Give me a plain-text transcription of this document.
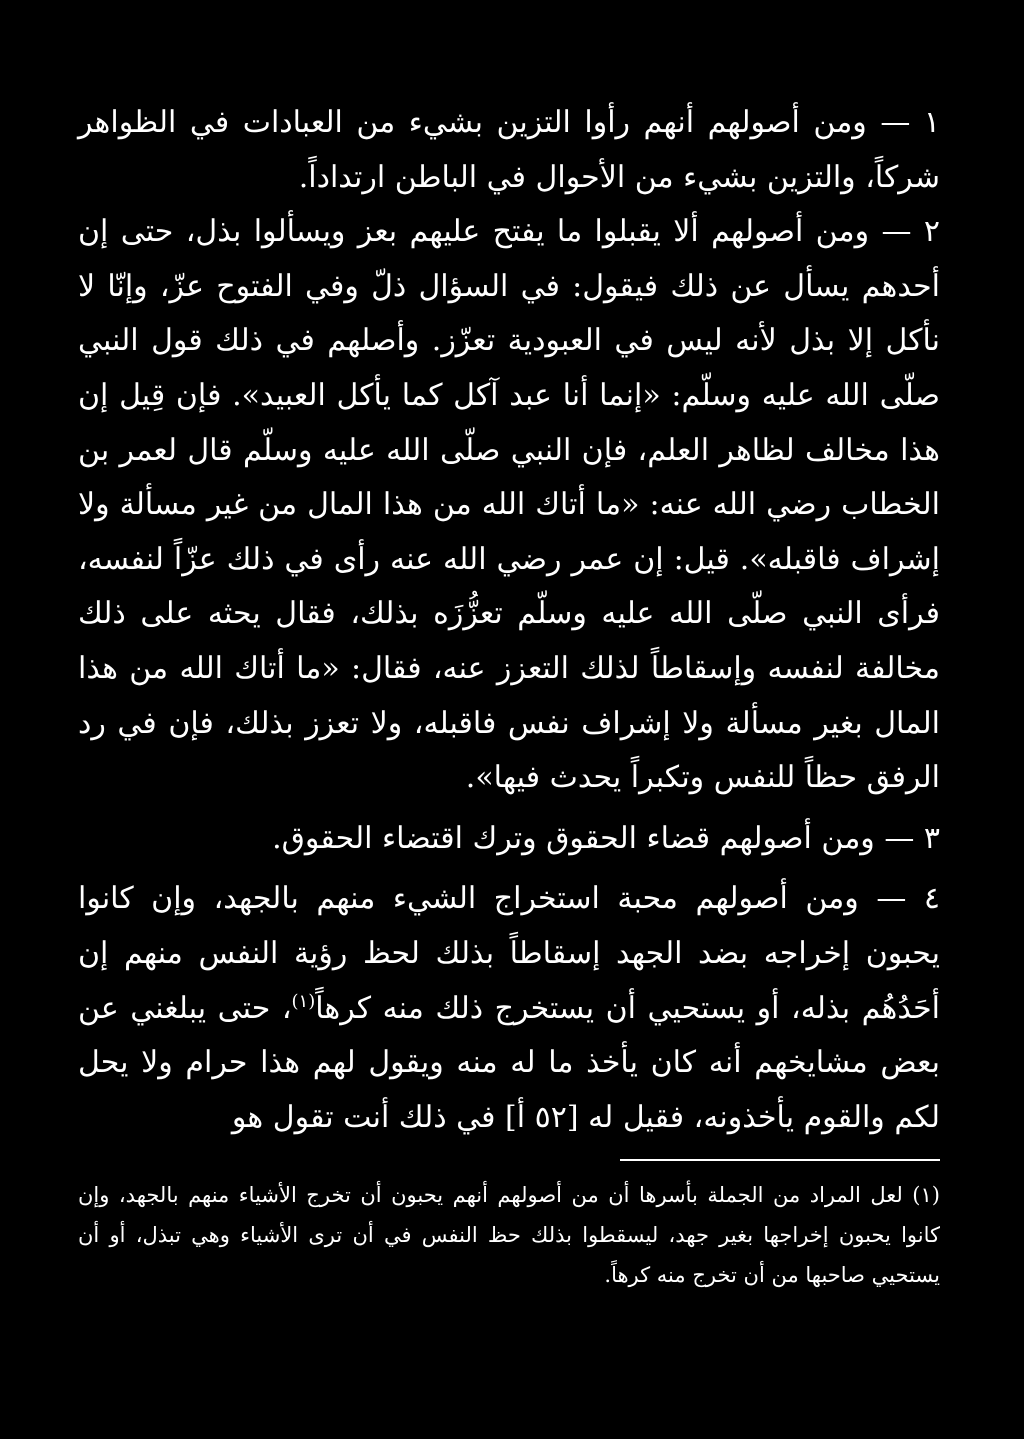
١ — ومن أصولهم أنهم رأوا التزين بشيء من العبادات في الظواهر شركاً، والتزين بشيء من الأحوال في الباطن ارتداداً.

٢ — ومن أصولهم ألا يقبلوا ما يفتح عليهم بعز ويسألوا بذل، حتى إن أحدهم يسأل عن ذلك فيقول: في السؤال ذلّ وفي الفتوح عزّ، وإنّا لا نأكل إلا بذل لأنه ليس في العبودية تعزّز. وأصلهم في ذلك قول النبي صلّى الله عليه وسلّم: «إنما أنا عبد آكل كما يأكل العبيد». فإن قِيل إن هذا مخالف لظاهر العلم، فإن النبي صلّى الله عليه وسلّم قال لعمر بن الخطاب رضي الله عنه: «ما أتاك الله من هذا المال من غير مسألة ولا إشراف فاقبله». قيل: إن عمر رضي الله عنه رأى في ذلك عزّاً لنفسه، فرأى النبي صلّى الله عليه وسلّم تعزُّزَه بذلك، فقال يحثه على ذلك مخالفة لنفسه وإسقاطاً لذلك التعزز عنه، فقال: «ما أتاك الله من هذا المال بغير مسألة ولا إشراف نفس فاقبله، ولا تعزز بذلك، فإن في رد الرفق حظاً للنفس وتكبراً يحدث فيها».

٣ — ومن أصولهم قضاء الحقوق وترك اقتضاء الحقوق.

٤ — ومن أصولهم محبة استخراج الشيء منهم بالجهد، وإن كانوا يحبون إخراجه بضد الجهد إسقاطاً بذلك لحظ رؤية النفس منهم إن أحَدُهُم بذله، أو يستحيي أن يستخرج ذلك منه كرهاً$^{(١)}$، حتى يبلغني عن بعض مشايخهم أنه كان يأخذ ما له منه ويقول لهم هذا حرام ولا يحل لكم والقوم يأخذونه، فقيل له [٥٢ أ] في ذلك أنت تقول هو

(١) لعل المراد من الجملة بأسرها أن من أصولهم أنهم يحبون أن تخرج الأشياء منهم بالجهد، وإن كانوا يحبون إخراجها بغير جهد، ليسقطوا بذلك حظ النفس في أن ترى الأشياء وهي تبذل، أو أن يستحيي صاحبها من أن تخرج منه كرهاً.
